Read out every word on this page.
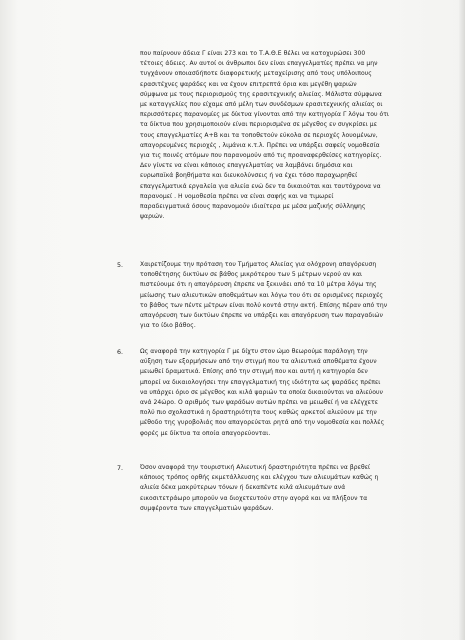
που παίρνουν άδεια Γ είναι 273 και το Τ.Α.Θ.Ε θέλει να κατοχυρώσει 300
τέτοιες άδειες. Αν αυτοί οι άνθρωποι δεν είναι επαγγελματίες πρέπει να μην
τυγχάνουν οποιασδήποτε διαφορετικής μεταχείρισης από τους υπόλοιπους
ερασιτέχνες ψαράδες και να έχουν επιτρεπτά όρια και μεγέθη ψαριών
σύμφωνα με τους περιορισμούς της ερασιτεχνικής αλιείας. Μάλιστα σύμφωνα
με καταγγελίες που είχαμε από μέλη των συνδέσμων ερασιτεχνικής αλιείας οι
περισσότερες παρανομίες με δίκτυα γίνονται από την κατηγορία Γ λόγω του ότι
τα δίκτυα που χρησιμοποιούν είναι περιορισμένα σε μέγεθος εν συγκρίσει με
τους επαγγελματίες Α+Β και τα τοποθετούν εύκολα σε περιοχές λουομένων,
απαγορευμένες περιοχές , λιμάνια κ.τ.λ. Πρέπει να υπάρξει σαφείς νομοθεσία
για τις ποινές ατόμων που παρανομούν από τις προαναφερθείσες κατηγορίες.
Δεν γίνετε να είναι κάποιος επαγγελματίας να λαμβάνει δημόσια και
ευρωπαϊκά βοηθήματα και διευκολύνσεις ή να έχει τόσο παραχωρηθεί
επαγγελματικά εργαλεία για αλιεία ενώ δεν τα δικαιούται και ταυτόχρονα να
παρανομεί . Η νομοθεσία πρέπει να είναι σαφής και να τιμωρεί
παραδειγματικά όσους παρανομούν ιδιαίτερα με μέσα μαζικής σύλληψης
ψαριών.
5.	Χαιρετίζουμε την πρόταση του Τμήματος Αλιείας για ολόχρονη απαγόρευση
τοποθέτησης δικτύων σε βάθος μικρότερου των 5 μέτρων νερού αν και
πιστεύουμε ότι η απαγόρευση έπρεπε να ξεκινάει από τα 10 μέτρα λόγω της
μείωσης των αλιευτικών αποθεμάτων και λόγω του ότι σε ορισμένες περιοχές
το βάθος των πέντε μέτρων είναι πολύ κοντά στην ακτή. Επίσης πέραν από την
απαγόρευση των δικτύων έπρεπε να υπάρξει και απαγόρευση των παραγαδιών
για το ίδιο βάθος.
6.	Ως αναφορά την κατηγορία Γ με δίχτυ στον ώμο θεωρούμε παράλογη την
αύξηση των εξορμήσεων από την στιγμή που τα αλιευτικά αποθέματα έχουν
μειωθεί δραματικά. Επίσης από την στιγμή που και αυτή η κατηγορία δεν
μπορεί να δικαιολογήσει την επαγγελματική της ιδιότητα ως ψαράδες πρέπει
να υπάρχει όριο σε μέγεθος και κιλά ψαριών τα οποία δικαιούνται να αλιεύουν
ανά 24ώρο. Ο αριθμός των ψαράδων αυτών πρέπει να μειωθεί ή να ελέγχετε
πολύ πιο σχολαστικά η δραστηριότητα τους καθώς αρκετοί αλιεύουν με την
μέθοδο της γυροβολιάς που απαγορεύεται ρητά από την νομοθεσία και πολλές
φορές με δίκτυα τα οποία απαγορεύονται.
7.	Όσον αναφορά την τουριστική Αλιευτική δραστηριότητα πρέπει να βρεθεί
κάποιος τρόπος ορθής εκμετάλλευσης και ελέγχου των αλιευμάτων καθώς η
αλιεία δέκα μακρύτερων τόνων ή δεκαπέντε κιλά αλιευμάτων ανά
εικοσιτετράωρο μπορούν να διοχετευτούν στην αγορά και να πλήξουν τα
συμφέροντα των επαγγελματιών ψαράδων.
